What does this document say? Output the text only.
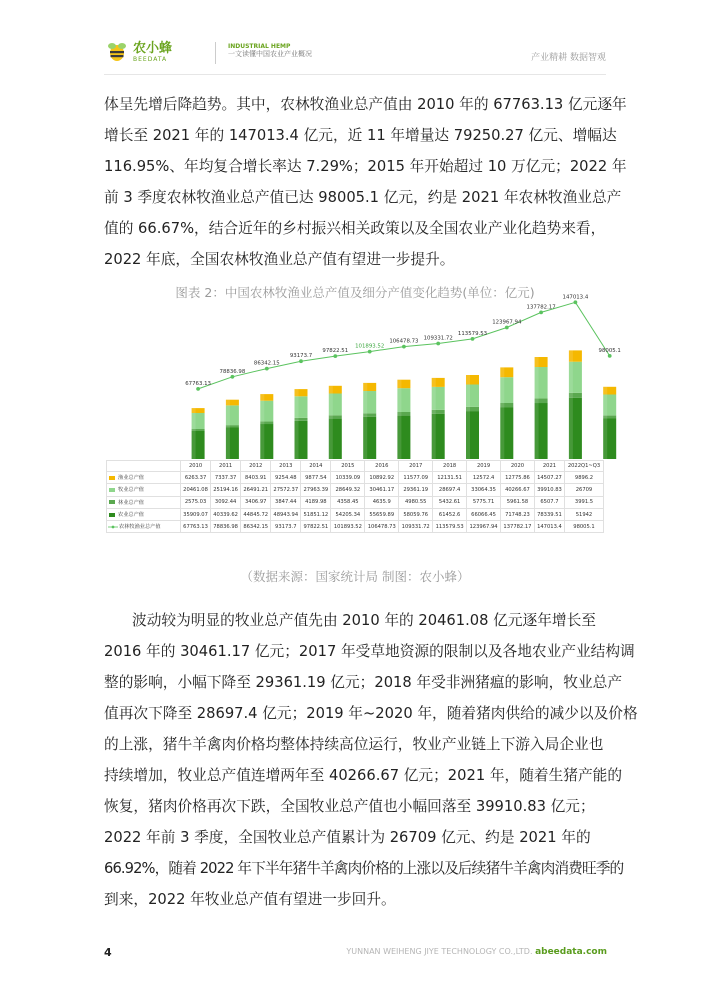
农小蜂
BEEDATA
INDUSTRIAL HEMP
一文读懂中国农业产业概况	产业精耕 数据智观
体呈先增后降趋势。其中，农林牧渔业总产值由 2010 年的 67763.13 亿元逐年
增长至 2021 年的 147013.4 亿元，近 11 年增量达 79250.27 亿元、增幅达
116.95%、年均复合增长率达 7.29%；2015 年开始超过 10 万亿元；2022 年
前 3 季度农林牧渔业总产值已达 98005.1 亿元，约是 2021 年农林牧渔业总产
值的 66.67%，结合近年的乡村振兴相关政策以及全国农业产业化趋势来看，
2022 年底，全国农林牧渔业总产值有望进一步提升。
图表 2：中国农林牧渔业总产值及细分产值变化趋势(单位：亿元)
67763.13
78836.98
86342.15
93173.7
97822.51
101893.52
106478.73
109331.72
113579.53
123967.94
137782.17
147013.4
98005.1
	2010	2011	2012	2013	2014	2015	2016	2017	2018	2019	2020	2021	2022Q1~Q3
渔业总产值	6263.37	7337.37	8403.91	9254.48	9877.54	10339.09	10892.92	11577.09	12131.51	12572.4	12775.86	14507.27	9896.2
牧业总产值	20461.08	25194.16	26491.21	27572.37	27963.39	28649.32	30461.17	29361.19	28697.4	33064.35	40266.67	39910.83	26709
林业总产值	2575.03	3092.44	3406.97	3847.44	4189.98	4358.45	4635.9	4980.55	5432.61	5775.71	5961.58	6507.7	3991.5
农业总产值	35909.07	40339.62	44845.72	48943.94	51851.12	54205.34	55659.89	58059.76	61452.6	66066.45	71748.23	78339.51	51942
农林牧渔业总产值	67763.13	78836.98	86342.15	93173.7	97822.51	101893.52	106478.73	109331.72	113579.53	123967.94	137782.17	147013.4	98005.1
（数据来源：国家统计局 制图：农小蜂）
波动较为明显的牧业总产值先由 2010 年的 20461.08 亿元逐年增长至
2016 年的 30461.17 亿元；2017 年受草地资源的限制以及各地农业产业结构调
整的影响，小幅下降至 29361.19 亿元；2018 年受非洲猪瘟的影响，牧业总产
值再次下降至 28697.4 亿元；2019 年~2020 年，随着猪肉供给的减少以及价格
的上涨，猪牛羊禽肉价格均整体持续高位运行，牧业产业链上下游入局企业也
持续增加，牧业总产值连增两年至 40266.67 亿元；2021 年，随着生猪产能的
恢复，猪肉价格再次下跌，全国牧业总产值也小幅回落至 39910.83 亿元；
2022 年前 3 季度，全国牧业总产值累计为 26709 亿元、约是 2021 年的
66.92%，随着 2022 年下半年猪牛羊禽肉价格的上涨以及后续猪牛羊禽肉消费旺季的
到来，2022 年牧业总产值有望进一步回升。
4	YUNNAN WEIHENG JIYE TECHNOLOGY CO.,LTD. abeedata.com
